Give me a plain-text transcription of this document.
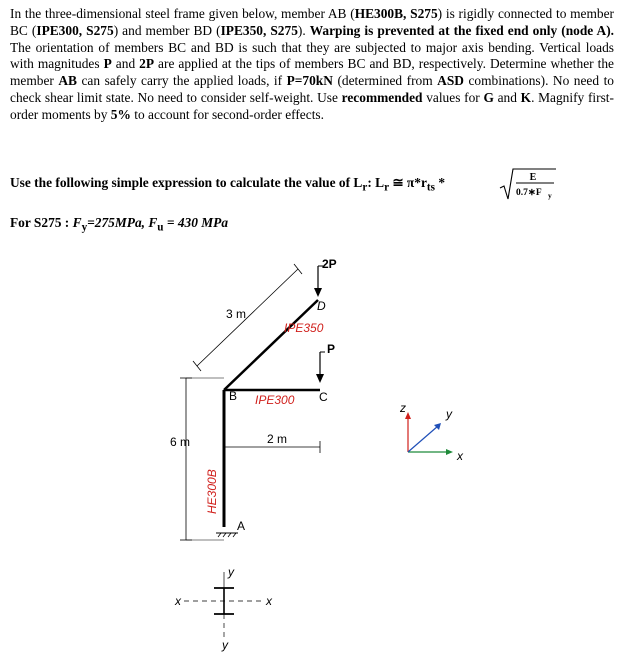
In the three-dimensional steel frame given below, member AB (HE300B, S275) is rigidly connected to member BC (IPE300, S275) and member BD (IPE350, S275). Warping is prevented at the fixed end only (node A). The orientation of members BC and BD is such that they are subjected to major axis bending. Vertical loads with magnitudes P and 2P are applied at the tips of members BC and BD, respectively. Determine whether the member AB can safely carry the applied loads, if P=70kN (determined from ASD combinations). No need to check shear limit state. No need to consider self-weight. Use recommended values for G and K. Magnify first-order moments by 5% to account for second-order effects.
Use the following simple expression to calculate the value of $L_r$: $L_r$ ≅ $\pi*r_{ts}$ *	E
0.7∗F y
For S275 : $F_y=275MPa$, $F_u = 430$ MPa
2P
P
D
B	C
A
IPE350
IPE300
HE300B
3 m
2 m
6 m
z	y
x
y
x	x
y
